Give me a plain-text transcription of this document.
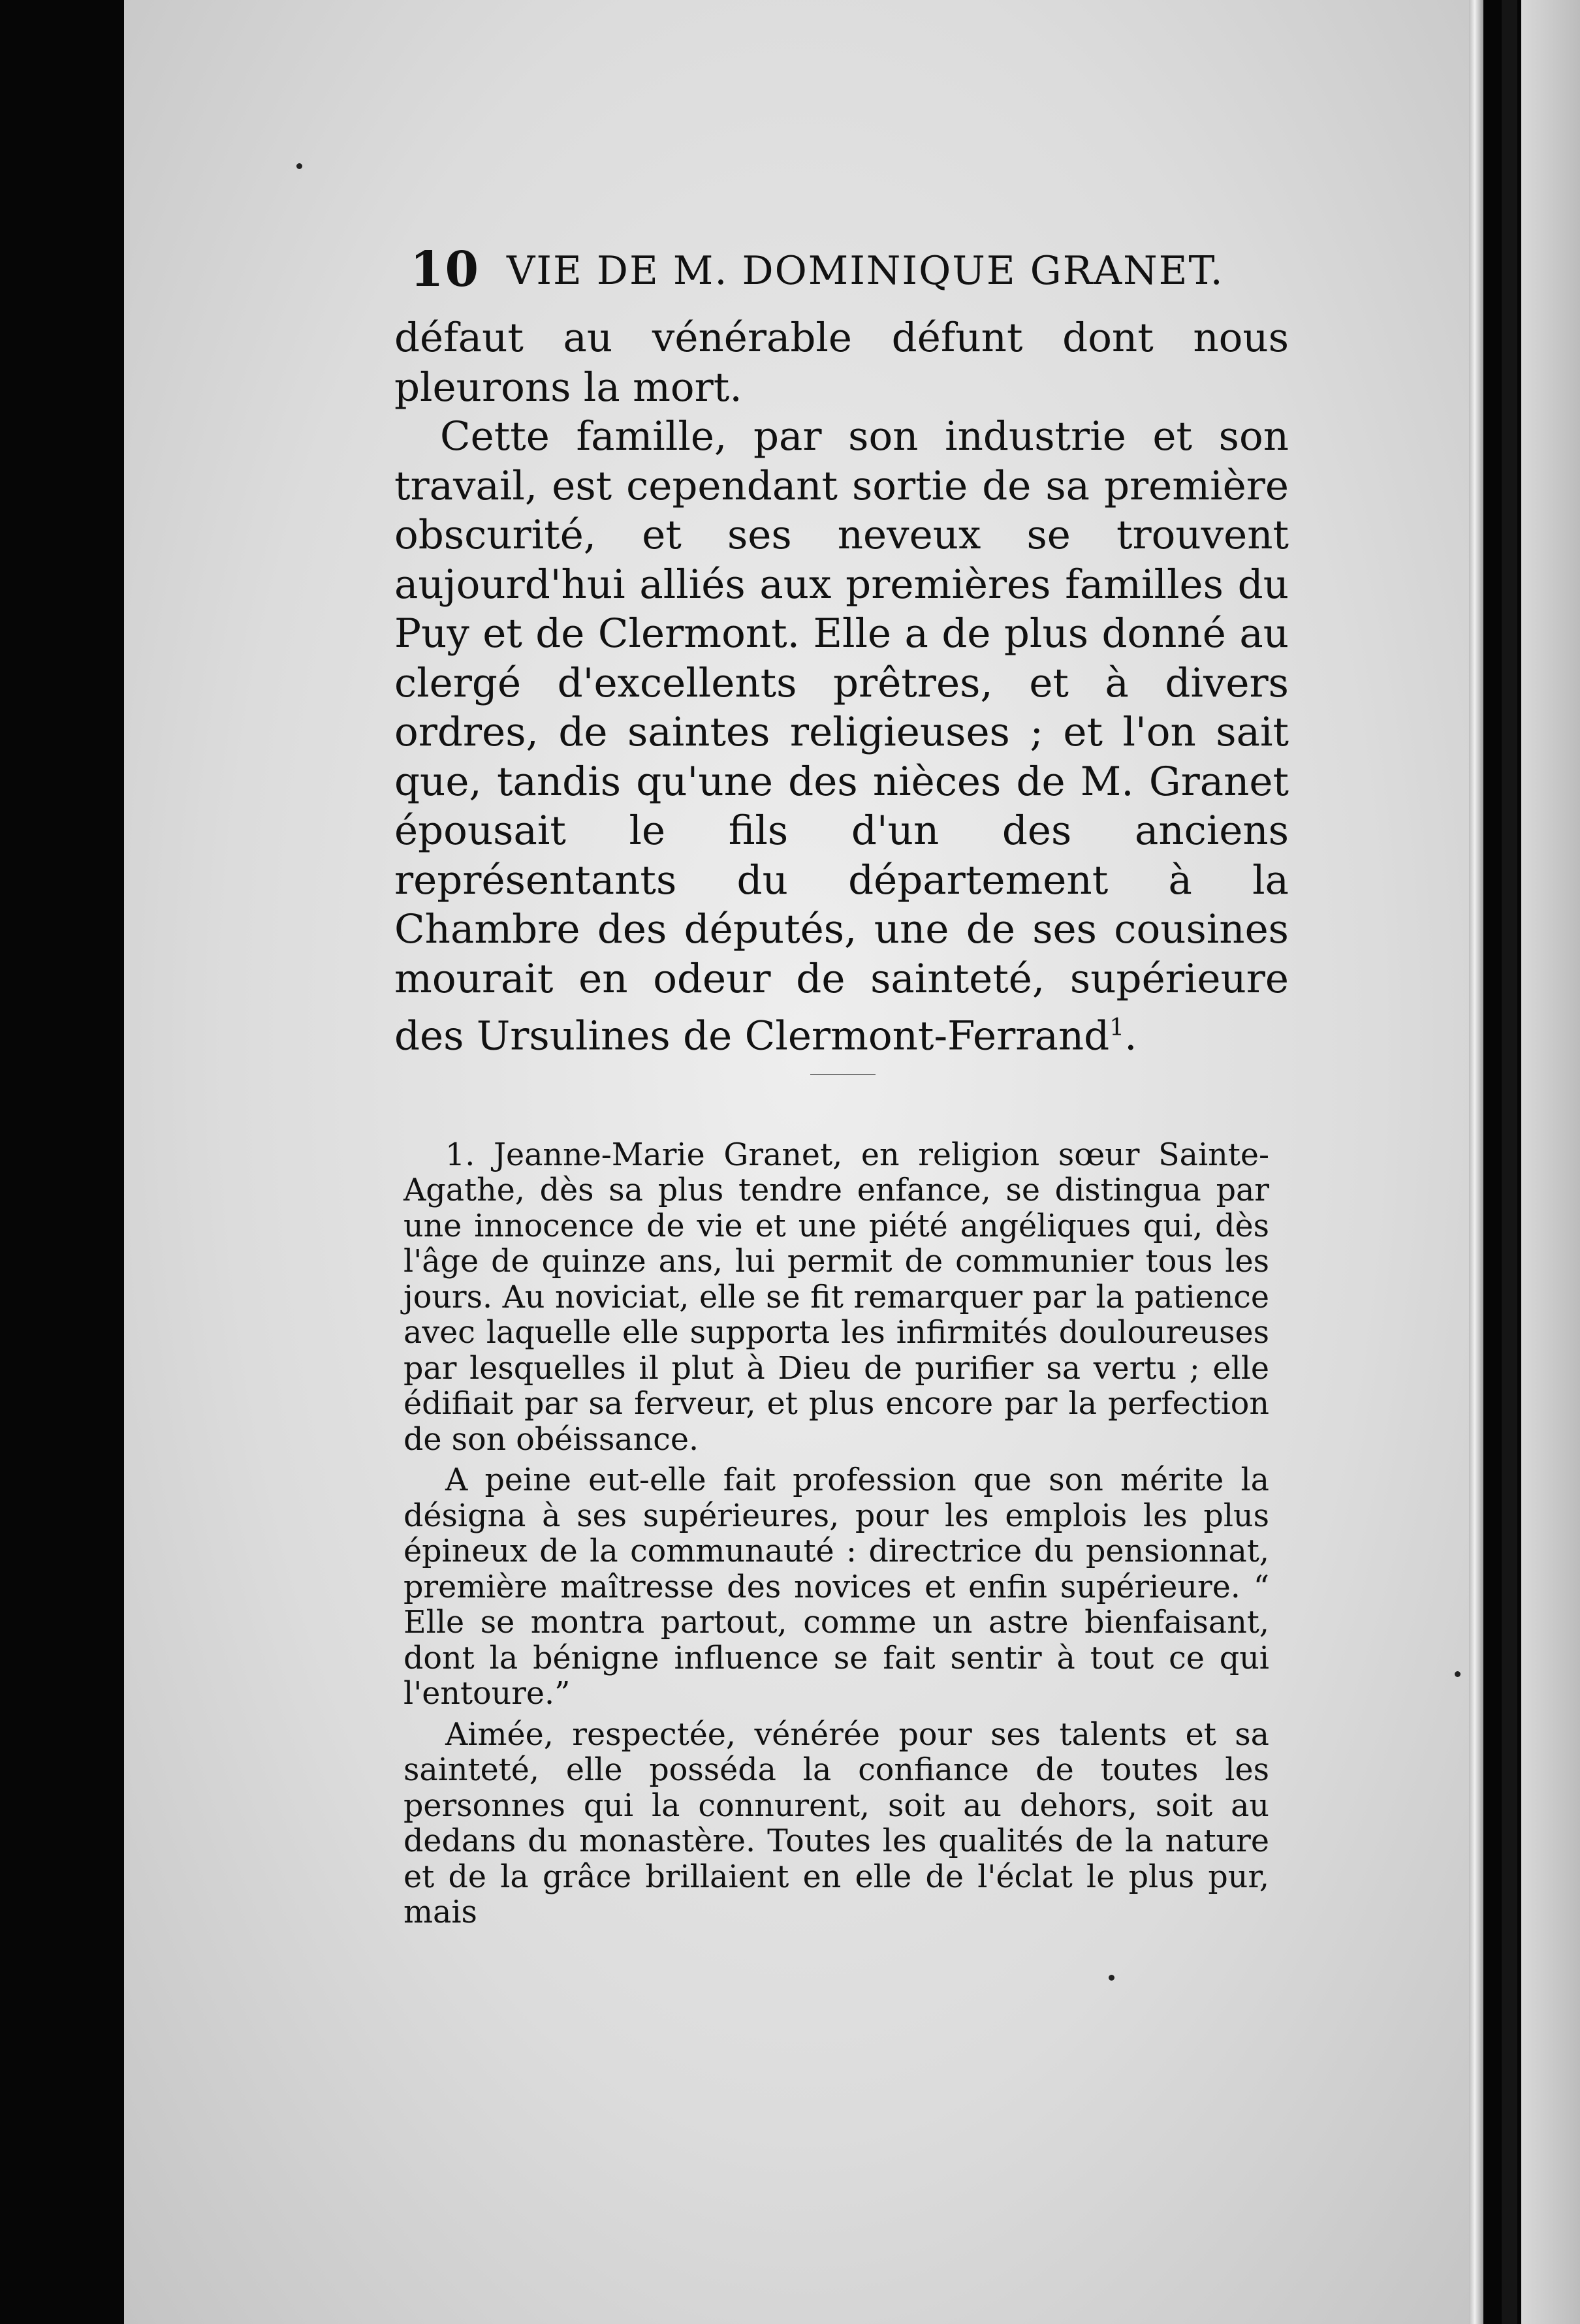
10 VIE DE M. DOMINIQUE GRANET.

défaut au vénérable défunt dont nous pleurons la mort.

Cette famille, par son industrie et son travail, est cependant sortie de sa première obscurité, et ses neveux se trouvent aujourd'hui alliés aux premières familles du Puy et de Clermont. Elle a de plus donné au clergé d'excellents prêtres, et à divers ordres, de saintes religieuses ; et l'on sait que, tandis qu'une des nièces de M. Granet épousait le fils d'un des anciens représentants du département à la Chambre des députés, une de ses cousines mourait en odeur de sainteté, supérieure des Ursulines de Clermont-Ferrand$^1$.

1. Jeanne-Marie Granet, en religion sœur Sainte-Agathe, dès sa plus tendre enfance, se distingua par une innocence de vie et une piété angéliques qui, dès l'âge de quinze ans, lui permit de communier tous les jours. Au noviciat, elle se fit remarquer par la patience avec laquelle elle supporta les infirmités douloureuses par lesquelles il plut à Dieu de purifier sa vertu ; elle édifiait par sa ferveur, et plus encore par la perfection de son obéissance.

A peine eut-elle fait profession que son mérite la désigna à ses supérieures, pour les emplois les plus épineux de la communauté : directrice du pensionnat, première maîtresse des novices et enfin supérieure. “ Elle se montra partout, comme un astre bienfaisant, dont la bénigne influence se fait sentir à tout ce qui l'entoure.”

Aimée, respectée, vénérée pour ses talents et sa sainteté, elle posséda la confiance de toutes les personnes qui la connurent, soit au dehors, soit au dedans du monastère. Toutes les qualités de la nature et de la grâce brillaient en elle de l'éclat le plus pur, mais
